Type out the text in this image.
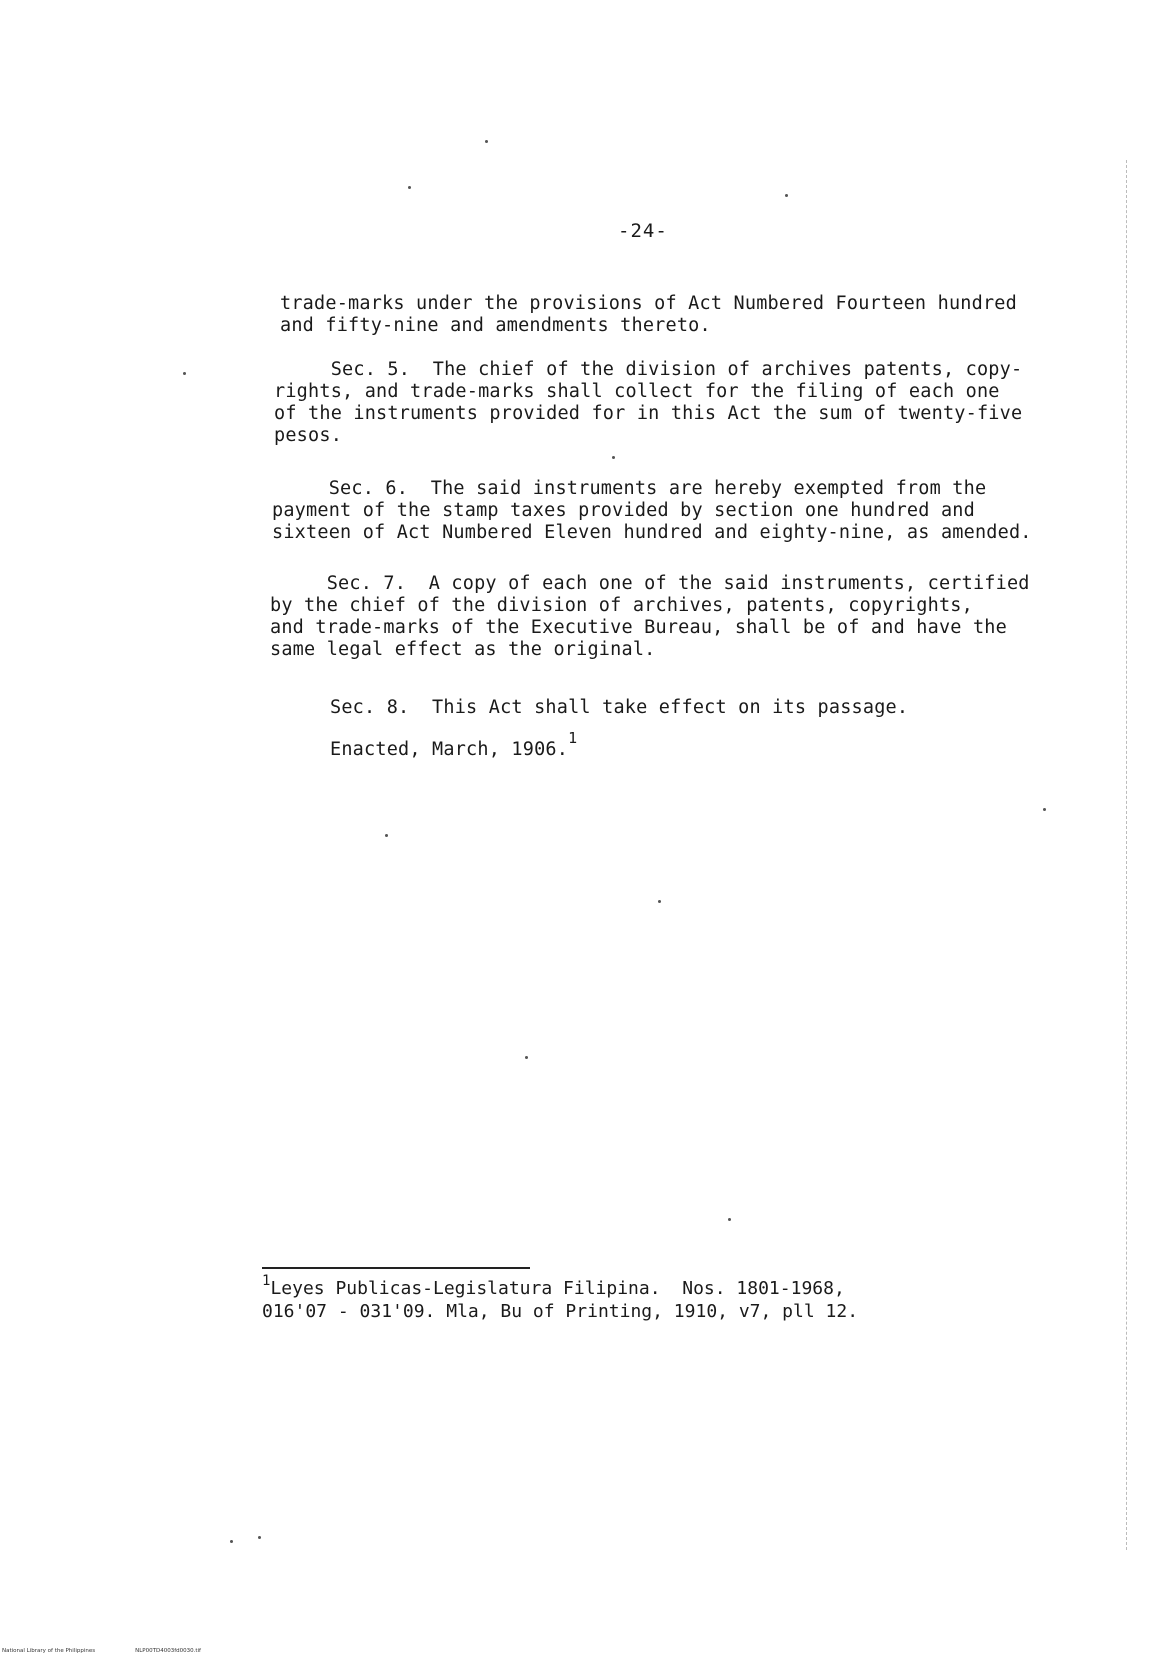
-24-
trade-marks under the provisions of Act Numbered Fourteen hundred
and fifty-nine and amendments thereto.
Sec. 5.  The chief of the division of archives patents, copy-
rights, and trade-marks shall collect for the filing of each one
of the instruments provided for in this Act the sum of twenty-five
pesos.
Sec. 6.  The said instruments are hereby exempted from the
payment of the stamp taxes provided by section one hundred and
sixteen of Act Numbered Eleven hundred and eighty-nine, as amended.
Sec. 7.  A copy of each one of the said instruments, certified
by the chief of the division of archives, patents, copyrights,
and trade-marks of the Executive Bureau, shall be of and have the
same legal effect as the original.
Sec. 8.  This Act shall take effect on its passage.
Enacted, March, 1906.$^1$
$^1$Leyes Publicas-Legislatura Filipina.  Nos. 1801-1968,
016'07 - 031'09. Mla, Bu of Printing, 1910, v7, pll 12.
National Library of the Philippines	NLP00TD4003fd0030.tif
